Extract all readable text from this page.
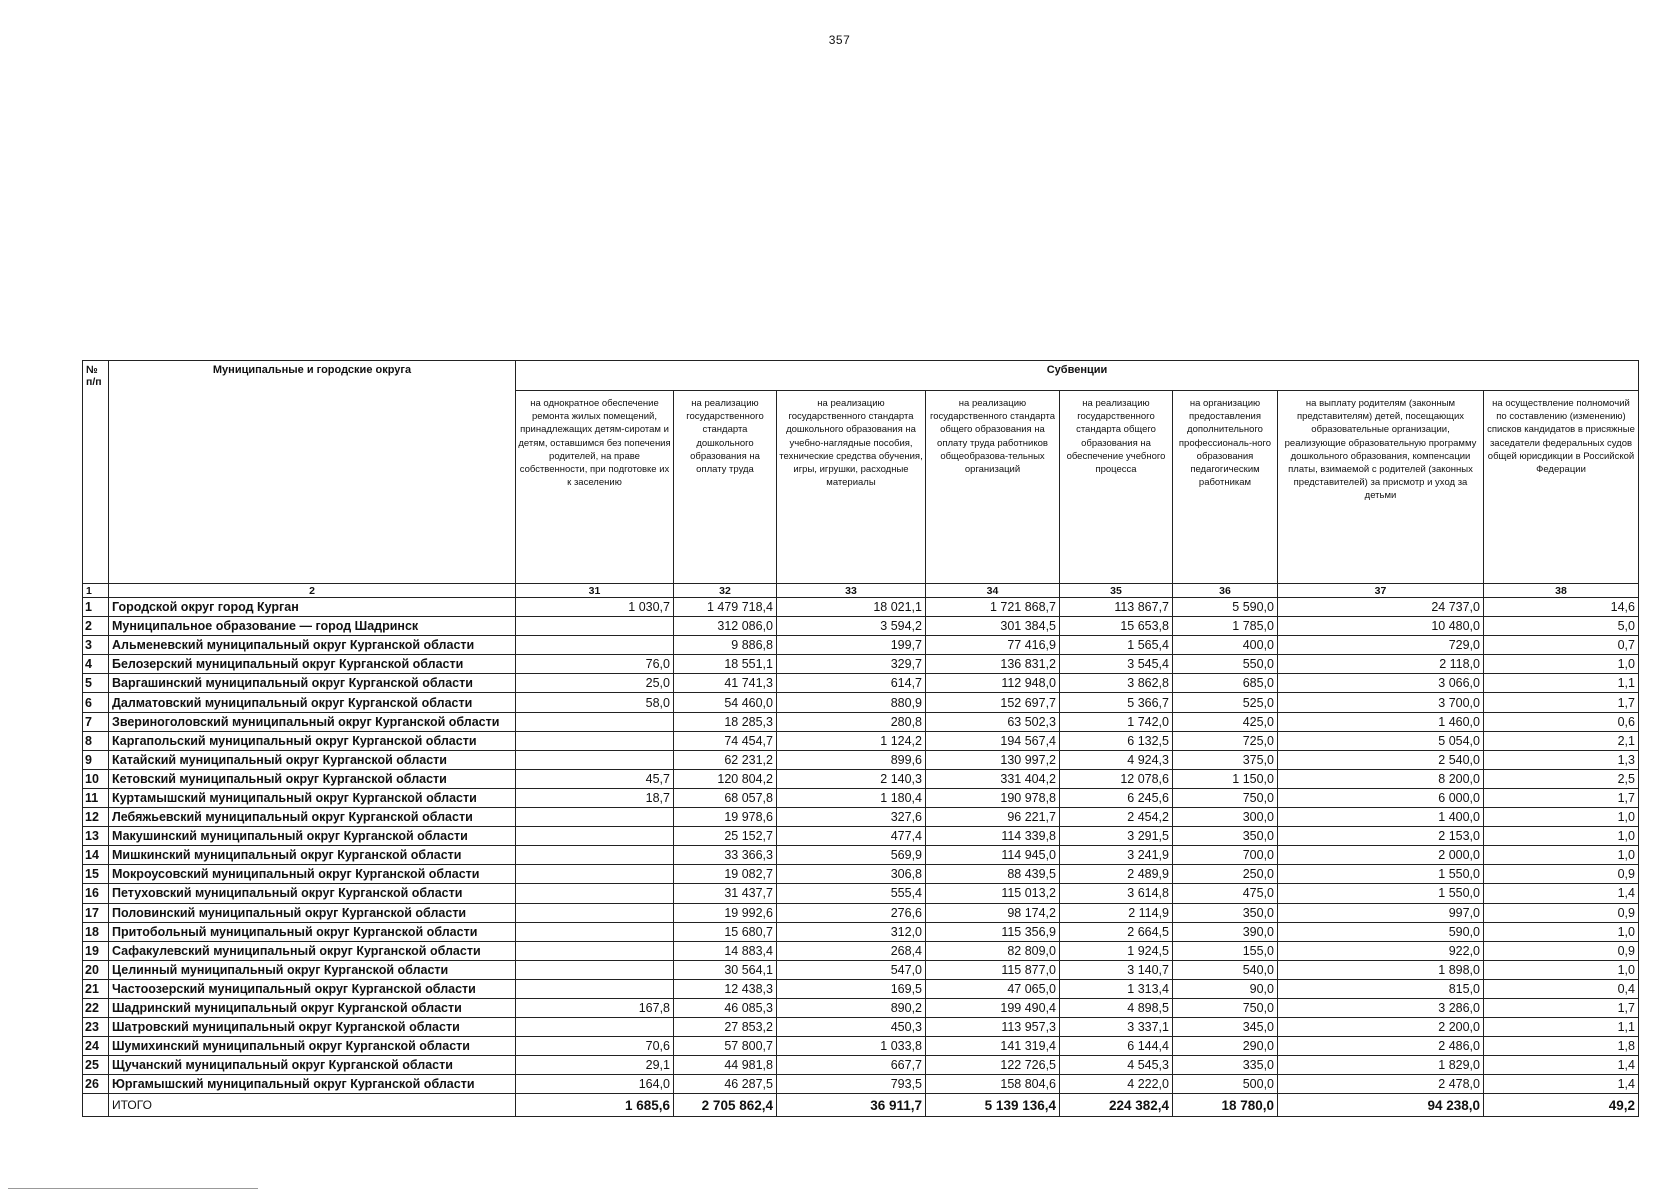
357
№ п/п	Муниципальные и городские округа	Субвенции							
		на однократное обеспечение ремонта жилых помещений, принадлежащих детям-сиротам и детям, оставшимся без попечения родителей, на праве собственности, при подготовке их к заселению	на реализацию государственного стандарта дошкольного образования на оплату труда	на реализацию государственного стандарта дошкольного образования на учебно-наглядные пособия, технические средства обучения, игры, игрушки, расходные материалы	на реализацию государственного стандарта общего образования на оплату труда работников общеобразова-тельных организаций	на реализацию государственного стандарта общего образования на обеспечение учебного процесса	на организацию предоставления дополнительного профессиональ-ного образования педагогическим работникам	на выплату родителям (законным представителям) детей, посещающих образовательные организации, реализующие образовательную программу дошкольного образования, компенсации платы, взимаемой с родителей (законных представителей) за присмотр и уход за детьми	на осуществление полномочий по составлению (изменению) списков кандидатов в присяжные заседатели федеральных судов общей юрисдикции в Российской Федерации
1	2	31	32	33	34	35	36	37	38
1	Городской округ город Курган	1 030,7	1 479 718,4	18 021,1	1 721 868,7	113 867,7	5 590,0	24 737,0	14,6
2	Муниципальное образование — город Шадринск		312 086,0	3 594,2	301 384,5	15 653,8	1 785,0	10 480,0	5,0
3	Альменевский муниципальный округ Курганской области		9 886,8	199,7	77 416,9	1 565,4	400,0	729,0	0,7
4	Белозерский муниципальный округ Курганской области	76,0	18 551,1	329,7	136 831,2	3 545,4	550,0	2 118,0	1,0
5	Варгашинский муниципальный округ Курганской области	25,0	41 741,3	614,7	112 948,0	3 862,8	685,0	3 066,0	1,1
6	Далматовский муниципальный округ Курганской области	58,0	54 460,0	880,9	152 697,7	5 366,7	525,0	3 700,0	1,7
7	Звериноголовский муниципальный округ Курганской области		18 285,3	280,8	63 502,3	1 742,0	425,0	1 460,0	0,6
8	Каргапольский муниципальный округ Курганской области		74 454,7	1 124,2	194 567,4	6 132,5	725,0	5 054,0	2,1
9	Катайский муниципальный округ Курганской области		62 231,2	899,6	130 997,2	4 924,3	375,0	2 540,0	1,3
10	Кетовский муниципальный округ Курганской области	45,7	120 804,2	2 140,3	331 404,2	12 078,6	1 150,0	8 200,0	2,5
11	Куртамышский муниципальный округ Курганской области	18,7	68 057,8	1 180,4	190 978,8	6 245,6	750,0	6 000,0	1,7
12	Лебяжьевский муниципальный округ Курганской области		19 978,6	327,6	96 221,7	2 454,2	300,0	1 400,0	1,0
13	Макушинский муниципальный округ Курганской области		25 152,7	477,4	114 339,8	3 291,5	350,0	2 153,0	1,0
14	Мишкинский муниципальный округ Курганской области		33 366,3	569,9	114 945,0	3 241,9	700,0	2 000,0	1,0
15	Мокроусовский муниципальный округ Курганской области		19 082,7	306,8	88 439,5	2 489,9	250,0	1 550,0	0,9
16	Петуховский муниципальный округ Курганской области		31 437,7	555,4	115 013,2	3 614,8	475,0	1 550,0	1,4
17	Половинский муниципальный округ Курганской области		19 992,6	276,6	98 174,2	2 114,9	350,0	997,0	0,9
18	Притобольный муниципальный округ Курганской области		15 680,7	312,0	115 356,9	2 664,5	390,0	590,0	1,0
19	Сафакулевский муниципальный округ Курганской области		14 883,4	268,4	82 809,0	1 924,5	155,0	922,0	0,9
20	Целинный муниципальный округ Курганской области		30 564,1	547,0	115 877,0	3 140,7	540,0	1 898,0	1,0
21	Частоозерский муниципальный округ Курганской области		12 438,3	169,5	47 065,0	1 313,4	90,0	815,0	0,4
22	Шадринский муниципальный округ Курганской области	167,8	46 085,3	890,2	199 490,4	4 898,5	750,0	3 286,0	1,7
23	Шатровский муниципальный округ Курганской области		27 853,2	450,3	113 957,3	3 337,1	345,0	2 200,0	1,1
24	Шумихинский муниципальный округ Курганской области	70,6	57 800,7	1 033,8	141 319,4	6 144,4	290,0	2 486,0	1,8
25	Щучанский муниципальный округ Курганской области	29,1	44 981,8	667,7	122 726,5	4 545,3	335,0	1 829,0	1,4
26	Юргамышский муниципальный округ Курганской области	164,0	46 287,5	793,5	158 804,6	4 222,0	500,0	2 478,0	1,4
	ИТОГО	1 685,6	2 705 862,4	36 911,7	5 139 136,4	224 382,4	18 780,0	94 238,0	49,2
